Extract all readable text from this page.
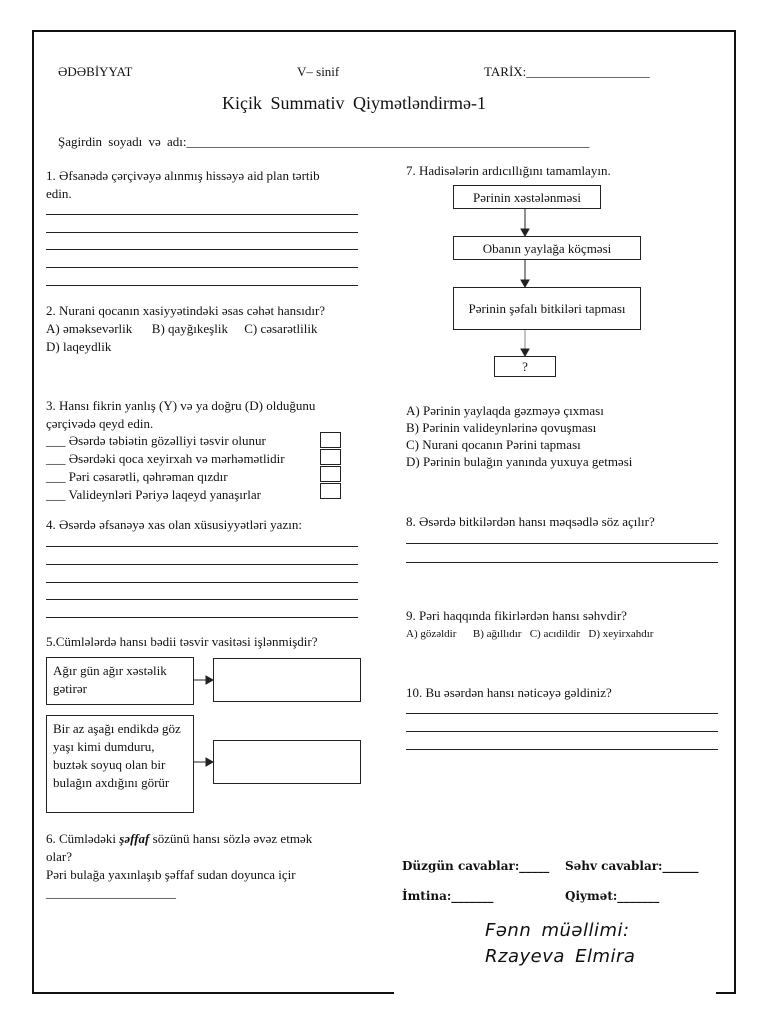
ƏDƏBİYYAT	V– sinif	TARİX:___________________
Kiçik Summativ Qiymətləndirmə-1
Şagirdin soyadı və adı:______________________________________________________________
1. Əfsanədə çərçivəyə alınmış hissəyə aid plan tərtib
edin.
2. Nurani qocanın xasiyyətindəki əsas cəhət hansıdır?
A) əməksevərlik      B) qayğıkeşlik     C) cəsarətlilik
D) laqeydlik
3. Hansı fikrin yanlış (Y) və ya doğru (D) olduğunu
çərçivədə qeyd edin.
___ Əsərdə təbiətin gözəlliyi təsvir olunur
___ Əsərdəki qoca xeyirxah və mərhəmətlidir
___ Pəri cəsarətli, qəhrəman qızdır
___ Valideynləri Pəriyə laqeyd yanaşırlar
4. Əsərdə əfsanəyə xas olan xüsusiyyətləri yazın:
5.Cümlələrdə hansı bədii təsvir vasitəsi işlənmişdir?
Ağır gün ağır xəstəlik gətirər
Bir az aşağı endikdə göz yaşı kimi dumduru, buztək soyuq olan bir bulağın axdığını görür
6. Cümlədəki şəffaf sözünü hansı sözlə əvəz etmək
olar?
Pəri bulağa yaxınlaşıb şəffaf sudan doyunca içir
____________________
7. Hadisələrin ardıcıllığını tamamlayın.
Pərinin xəstələnməsi
Obanın yaylağa köçməsi
Pərinin şəfalı bitkiləri tapması
?
A) Pərinin yaylaqda gəzməyə çıxması
B) Pərinin valideynlərinə qovuşması
C) Nurani qocanın Pərini tapması
D) Pərinin bulağın yanında yuxuya getməsi
8. Əsərdə bitkilərdən hansı məqsədlə söz açılır?
9. Pəri haqqında fikirlərdən hansı səhvdir?
A) gözəldir      B) ağıllıdır   C) acıdildir   D) xeyirxahdır
10. Bu əsərdən hansı nəticəyə gəldiniz?
Düzgün cavablar:_____ Səhv cavablar:______
İmtina:_______	Qiymət:_______
Fənn müəllimi:
Rzayeva Elmira
